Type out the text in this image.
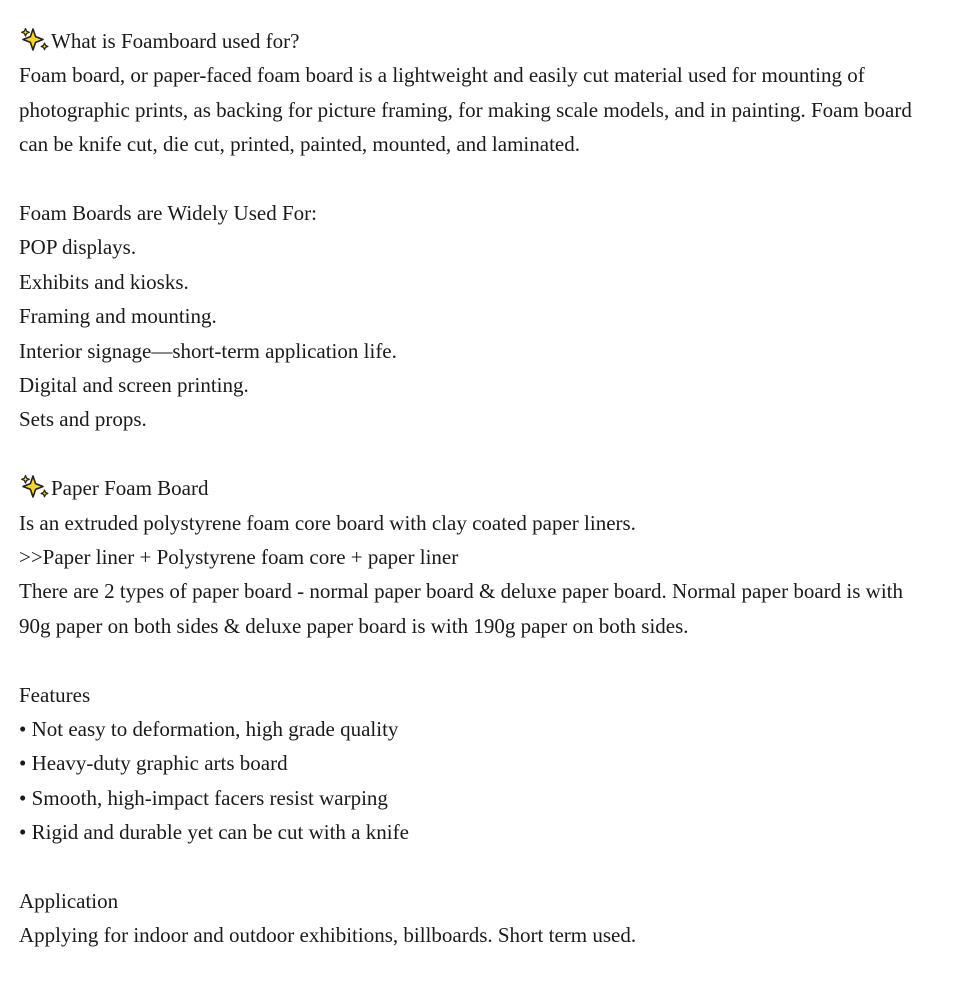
What is Foamboard used for?
Foam board, or paper-faced foam board is a lightweight and easily cut material used for mounting of photographic prints, as backing for picture framing, for making scale models, and in painting. Foam board can be knife cut, die cut, printed, painted, mounted, and laminated.
Foam Boards are Widely Used For:
POP displays.
Exhibits and kiosks.
Framing and mounting.
Interior signage—short-term application life.
Digital and screen printing.
Sets and props.
Paper Foam Board
Is an extruded polystyrene foam core board with clay coated paper liners.
>>Paper liner + Polystyrene foam core + paper liner
There are 2 types of paper board - normal paper board & deluxe paper board. Normal paper board is with 90g paper on both sides & deluxe paper board is with 190g paper on both sides.
Features
• Not easy to deformation, high grade quality
• Heavy-duty graphic arts board
• Smooth, high-impact facers resist warping
• Rigid and durable yet can be cut with a knife
Application
Applying for indoor and outdoor exhibitions, billboards. Short term used.
